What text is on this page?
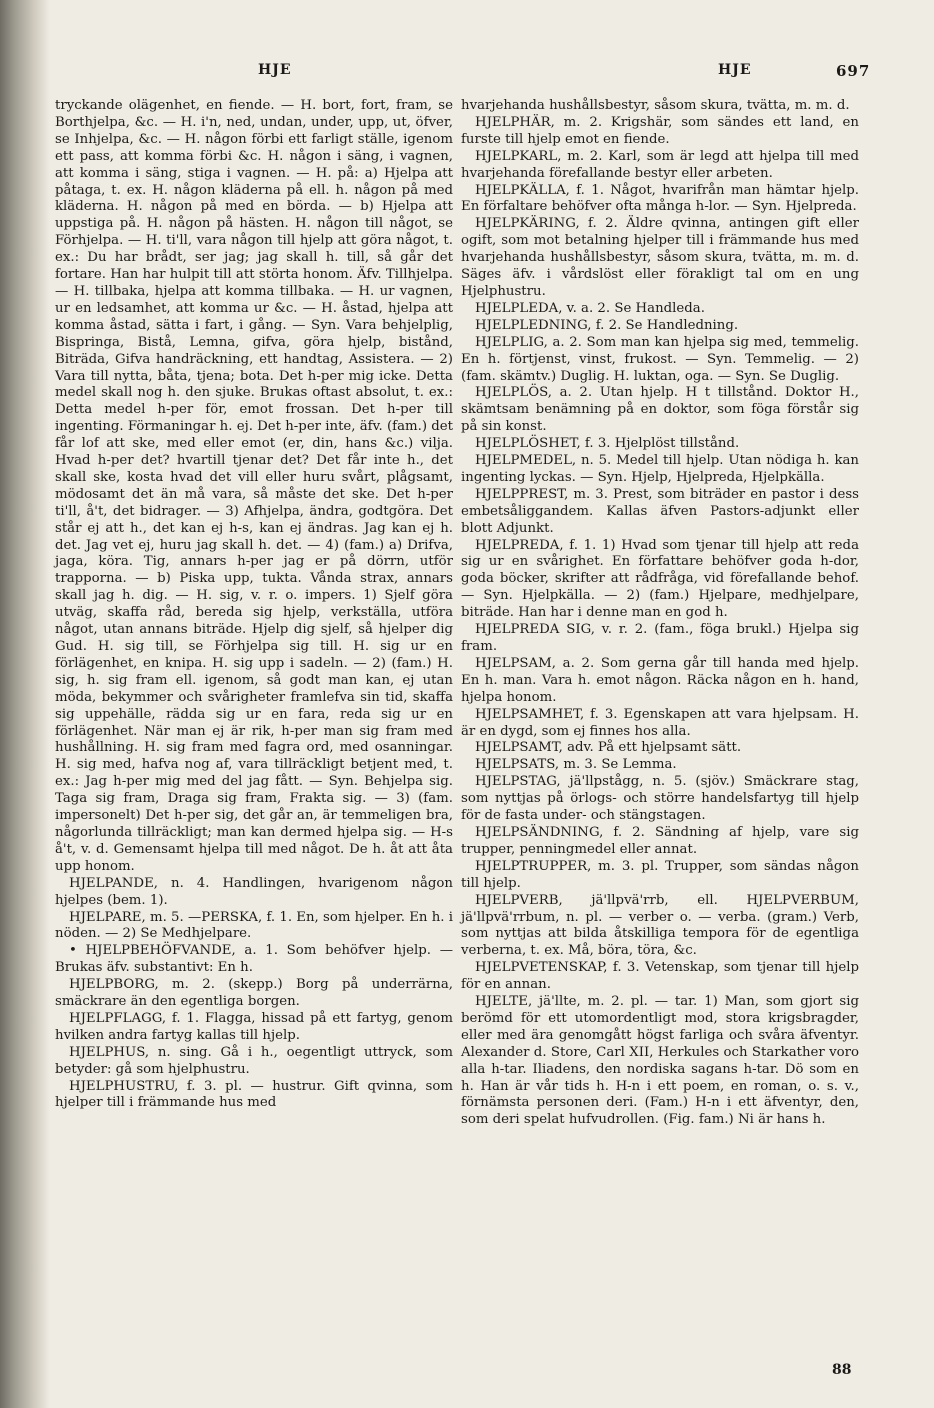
HJE	HJE	697

tryckande olägenhet, en fiende. — H. bort, fort, fram, se Borthjelpa, &c. — H. i'n, ned, undan, under, upp, ut, öfver, se Inhjelpa, &c. — H. någon förbi ett farligt ställe, igenom ett pass, att komma förbi &c. H. någon i säng, i vagnen, att komma i säng, stiga i vagnen. — H. på: a) Hjelpa att påtaga, t. ex. H. någon kläderna på ell. h. någon på med kläderna. H. någon på med en börda. — b) Hjelpa att uppstiga på. H. någon på hästen. H. någon till något, se Förhjelpa. — H. ti'll, vara någon till hjelp att göra något, t. ex.: Du har brådt, ser jag; jag skall h. till, så går det fortare. Han har hulpit till att störta honom. Äfv. Tillhjelpa. — H. tillbaka, hjelpa att komma tillbaka. — H. ur vagnen, ur en ledsamhet, att komma ur &c. — H. åstad, hjelpa att komma åstad, sätta i fart, i gång. — Syn. Vara behjelplig, Bispringa, Bistå, Lemna, gifva, göra hjelp, bistånd, Biträda, Gifva handräckning, ett handtag, Assistera. — 2) Vara till nytta, båta, tjena; bota. Det h-per mig icke. Detta medel skall nog h. den sjuke. Brukas oftast absolut, t. ex.: Detta medel h-per för, emot frossan. Det h-per till ingenting. Förmaningar h. ej. Det h-per inte, äfv. (fam.) det får lof att ske, med eller emot (er, din, hans &c.) vilja. Hvad h-per det? hvartill tjenar det? Det får inte h., det skall ske, kosta hvad det vill eller huru svårt, plågsamt, mödosamt det än må vara, så måste det ske. Det h-per ti'll, å't, det bidrager. — 3) Afhjelpa, ändra, godtgöra. Det står ej att h., det kan ej h-s, kan ej ändras. Jag kan ej h. det. Jag vet ej, huru jag skall h. det. — 4) (fam.) a) Drifva, jaga, köra. Tig, annars h-per jag er på dörrn, utför trapporna. — b) Piska upp, tukta. Vånda strax, annars skall jag h. dig. — H. sig, v. r. o. impers. 1) Sjelf göra utväg, skaffa råd, bereda sig hjelp, verkställa, utföra något, utan annans biträde. Hjelp dig sjelf, så hjelper dig Gud. H. sig till, se Förhjelpa sig till. H. sig ur en förlägenhet, en knipa. H. sig upp i sadeln. — 2) (fam.) H. sig, h. sig fram ell. igenom, så godt man kan, ej utan möda, bekymmer och svårigheter framlefva sin tid, skaffa sig uppehälle, rädda sig ur en fara, reda sig ur en förlägenhet. När man ej är rik, h-per man sig fram med hushållning. H. sig fram med fagra ord, med osanningar. H. sig med, hafva nog af, vara tillräckligt betjent med, t. ex.: Jag h-per mig med del jag fått. — Syn. Behjelpa sig. Taga sig fram, Draga sig fram, Frakta sig. — 3) (fam. impersonelt) Det h-per sig, det går an, är temmeligen bra, någorlunda tillräckligt; man kan dermed hjelpa sig. — H-s å't, v. d. Gemensamt hjelpa till med något. De h. åt att åta upp honom.

HJELPANDE, n. 4. Handlingen, hvarigenom någon hjelpes (bem. 1).

HJELPARE, m. 5. —PERSKA, f. 1. En, som hjelper. En h. i nöden. — 2) Se Medhjelpare.

• HJELPBEHÖFVANDE, a. 1. Som behöfver hjelp. — Brukas äfv. substantivt: En h.

HJELPBORG, m. 2. (skepp.) Borg på underrärna, smäckrare än den egentliga borgen.

HJELPFLAGG, f. 1. Flagga, hissad på ett fartyg, genom hvilken andra fartyg kallas till hjelp.

HJELPHUS, n. sing. Gå i h., oegentligt uttryck, som betyder: gå som hjelphustru.

HJELPHUSTRU, f. 3. pl. — hustrur. Gift qvinna, som hjelper till i främmande hus med

hvarjehanda hushållsbestyr, såsom skura, tvätta, m. m. d.

HJELPHÄR, m. 2. Krigshär, som sändes ett land, en furste till hjelp emot en fiende.

HJELPKARL, m. 2. Karl, som är legd att hjelpa till med hvarjehanda förefallande bestyr eller arbeten.

HJELPKÄLLA, f. 1. Något, hvarifrån man hämtar hjelp. En förfaltare behöfver ofta många h-lor. — Syn. Hjelpreda.

HJELPKÄRING, f. 2. Äldre qvinna, antingen gift eller ogift, som mot betalning hjelper till i främmande hus med hvarjehanda hushållsbestyr, såsom skura, tvätta, m. m. d. Säges äfv. i vårdslöst eller förakligt tal om en ung Hjelphustru.

HJELPLEDA, v. a. 2. Se Handleda.

HJELPLEDNING, f. 2. Se Handledning.

HJELPLIG, a. 2. Som man kan hjelpa sig med, temmelig. En h. förtjenst, vinst, frukost. — Syn. Temmelig. — 2) (fam. skämtv.) Duglig. H. luktan, oga. — Syn. Se Duglig.

HJELPLÖS, a. 2. Utan hjelp. H t tillstånd. Doktor H., skämtsam benämning på en doktor, som föga förstår sig på sin konst.

HJELPLÖSHET, f. 3. Hjelplöst tillstånd.

HJELPMEDEL, n. 5. Medel till hjelp. Utan nödiga h. kan ingenting lyckas. — Syn. Hjelp, Hjelpreda, Hjelpkälla.

HJELPPREST, m. 3. Prest, som biträder en pastor i dess embetsåliggandem. Kallas äfven Pastors-adjunkt eller blott Adjunkt.

HJELPREDA, f. 1. 1) Hvad som tjenar till hjelp att reda sig ur en svårighet. En författare behöfver goda h-dor, goda böcker, skrifter att rådfråga, vid förefallande behof. — Syn. Hjelpkälla. — 2) (fam.) Hjelpare, medhjelpare, biträde. Han har i denne man en god h.

HJELPREDA SIG, v. r. 2. (fam., föga brukl.) Hjelpa sig fram.

HJELPSAM, a. 2. Som gerna går till handa med hjelp. En h. man. Vara h. emot någon. Räcka någon en h. hand, hjelpa honom.

HJELPSAMHET, f. 3. Egenskapen att vara hjelpsam. H. är en dygd, som ej finnes hos alla.

HJELPSAMT, adv. På ett hjelpsamt sätt.

HJELPSATS, m. 3. Se Lemma.

HJELPSTAG, jä'llpstågg, n. 5. (sjöv.) Smäckrare stag, som nyttjas på örlogs- och större handelsfartyg till hjelp för de fasta under- och stängstagen.

HJELPSÄNDNING, f. 2. Sändning af hjelp, vare sig trupper, penningmedel eller annat.

HJELPTRUPPER, m. 3. pl. Trupper, som sändas någon till hjelp.

HJELPVERB, jä'llpvä'rrb, ell. HJELPVERBUM, jä'llpvä'rrbum, n. pl. — verber o. — verba. (gram.) Verb, som nyttjas att bilda åtskilliga tempora för de egentliga verberna, t. ex. Må, böra, töra, &c.

HJELPVETENSKAP, f. 3. Vetenskap, som tjenar till hjelp för en annan.

HJELTE, jä'llte, m. 2. pl. — tar. 1) Man, som gjort sig berömd för ett utomordentligt mod, stora krigsbragder, eller med ära genomgått högst farliga och svåra äfventyr. Alexander d. Store, Carl XII, Herkules och Starkather voro alla h-tar. Iliadens, den nordiska sagans h-tar. Dö som en h. Han är vår tids h. H-n i ett poem, en roman, o. s. v., förnämsta personen deri. (Fam.) H-n i ett äfventyr, den, som deri spelat hufvudrollen. (Fig. fam.) Ni är hans h.

88
